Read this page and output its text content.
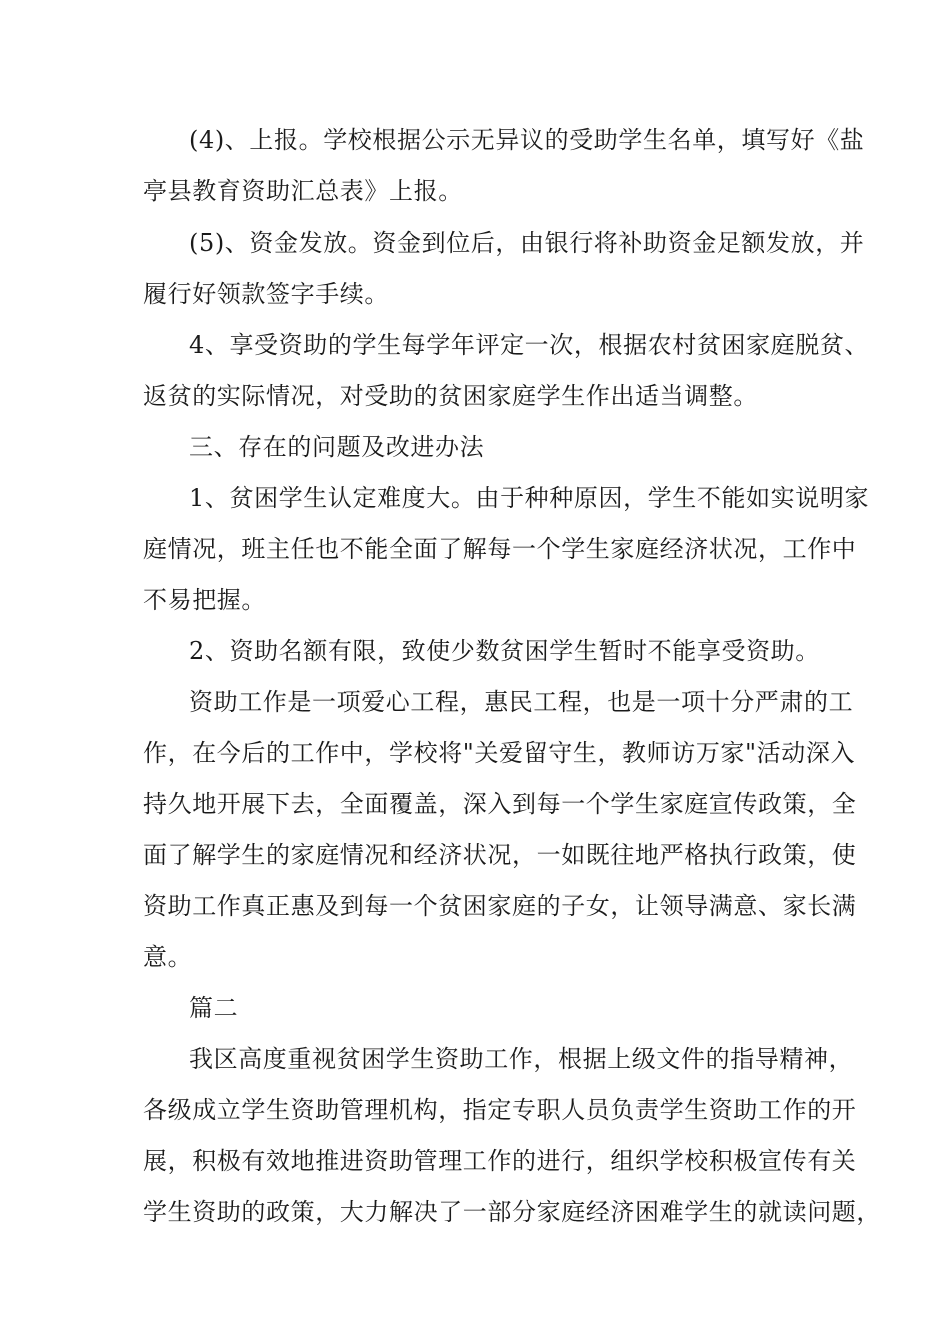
(4)、上报。学校根据公示无异议的受助学生名单，填写好《盐
亭县教育资助汇总表》上报。
(5)、资金发放。资金到位后，由银行将补助资金足额发放，并
履行好领款签字手续。
4、享受资助的学生每学年评定一次，根据农村贫困家庭脱贫、
返贫的实际情况，对受助的贫困家庭学生作出适当调整。
三、存在的问题及改进办法
1、贫困学生认定难度大。由于种种原因，学生不能如实说明家
庭情况，班主任也不能全面了解每一个学生家庭经济状况，工作中
不易把握。
2、资助名额有限，致使少数贫困学生暂时不能享受资助。
资助工作是一项爱心工程，惠民工程，也是一项十分严肃的工
作，在今后的工作中，学校将"关爱留守生，教师访万家"活动深入
持久地开展下去，全面覆盖，深入到每一个学生家庭宣传政策，全
面了解学生的家庭情况和经济状况，一如既往地严格执行政策，使
资助工作真正惠及到每一个贫困家庭的子女，让领导满意、家长满
意。
篇二
我区高度重视贫困学生资助工作，根据上级文件的指导精神，
各级成立学生资助管理机构，指定专职人员负责学生资助工作的开
展，积极有效地推进资助管理工作的进行，组织学校积极宣传有关
学生资助的政策，大力解决了一部分家庭经济困难学生的就读问题，
